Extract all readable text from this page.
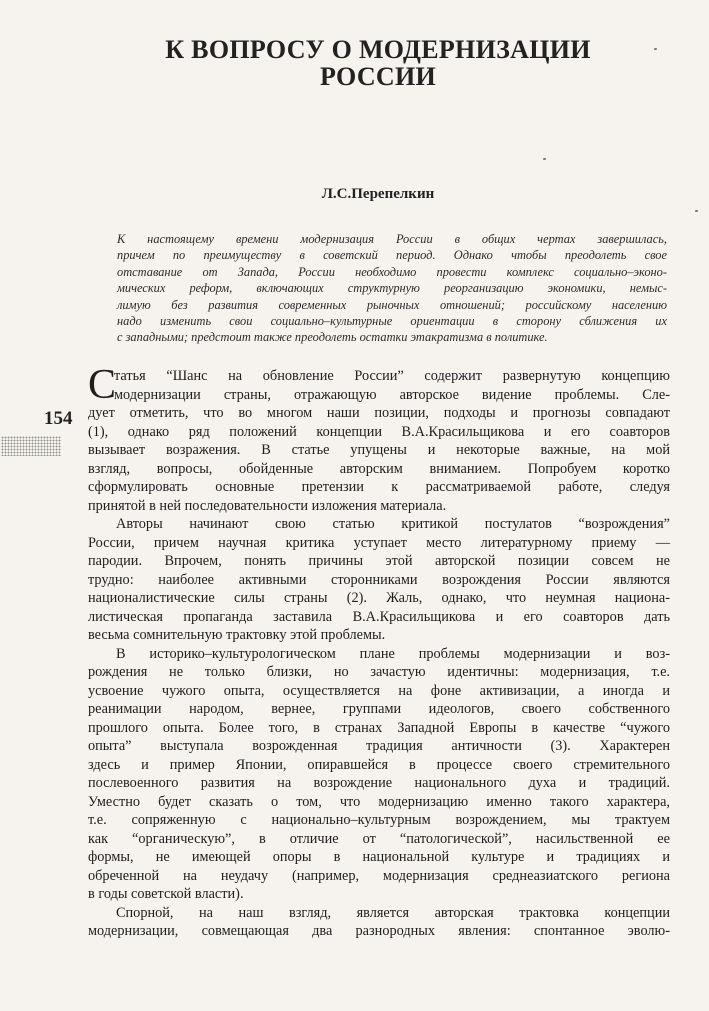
К ВОПРОСУ О МОДЕРНИЗАЦИИ
РОССИИ
Л.С.Перепелкин
К настоящему времени модернизация России в общих чертах завершилась,
причем по преимуществу в советский период. Однако чтобы преодолеть свое
отставание от Запада, России необходимо провести комплекс социально–эконо-
мических реформ, включающих структурную реорганизацию экономики, немыс-
лимую без развития современных рыночных отношений; российскому населению
надо изменить свои социально–культурные ориентации в сторону сближения их
с западными; предстоит также преодолеть остатки этакратизма в политике.
154
С
татья “Шанс на обновление России” содержит развернутую концепцию
модернизации страны, отражающую авторское видение проблемы. Сле-
дует отметить, что во многом наши позиции, подходы и прогнозы совпадают
(1), однако ряд положений концепции В.А.Красильщикова и его соавторов
вызывает возражения. В статье упущены и некоторые важные, на мой
взгляд, вопросы, обойденные авторским вниманием. Попробуем коротко
сформулировать основные претензии к рассматриваемой работе, следуя
принятой в ней последовательности изложения материала.
Авторы начинают свою статью критикой постулатов “возрождения”
России, причем научная критика уступает место литературному приему —
пародии. Впрочем, понять причины этой авторской позиции совсем не
трудно: наиболее активными сторонниками возрождения России являются
националистические силы страны (2). Жаль, однако, что неумная национа-
листическая пропаганда заставила В.А.Красильщикова и его соавторов дать
весьма сомнительную трактовку этой проблемы.
В историко–культурологическом плане проблемы модернизации и воз-
рождения не только близки, но зачастую идентичны: модернизация, т.е.
усвоение чужого опыта, осуществляется на фоне активизации, а иногда и
реанимации народом, вернее, группами идеологов, своего собственного
прошлого опыта. Более того, в странах Западной Европы в качестве “чужого
опыта” выступала возрожденная традиция античности (3). Характерен
здесь и пример Японии, опиравшейся в процессе своего стремительного
послевоенного развития на возрождение национального духа и традиций.
Уместно будет сказать о том, что модернизацию именно такого характера,
т.е. сопряженную с национально–культурным возрождением, мы трактуем
как “органическую”, в отличие от “патологической”, насильственной ее
формы, не имеющей опоры в национальной культуре и традициях и
обреченной на неудачу (например, модернизация среднеазиатского региона
в годы советской власти).
Спорной, на наш взгляд, является авторская трактовка концепции
модернизации, совмещающая два разнородных явления: спонтанное эволю-
